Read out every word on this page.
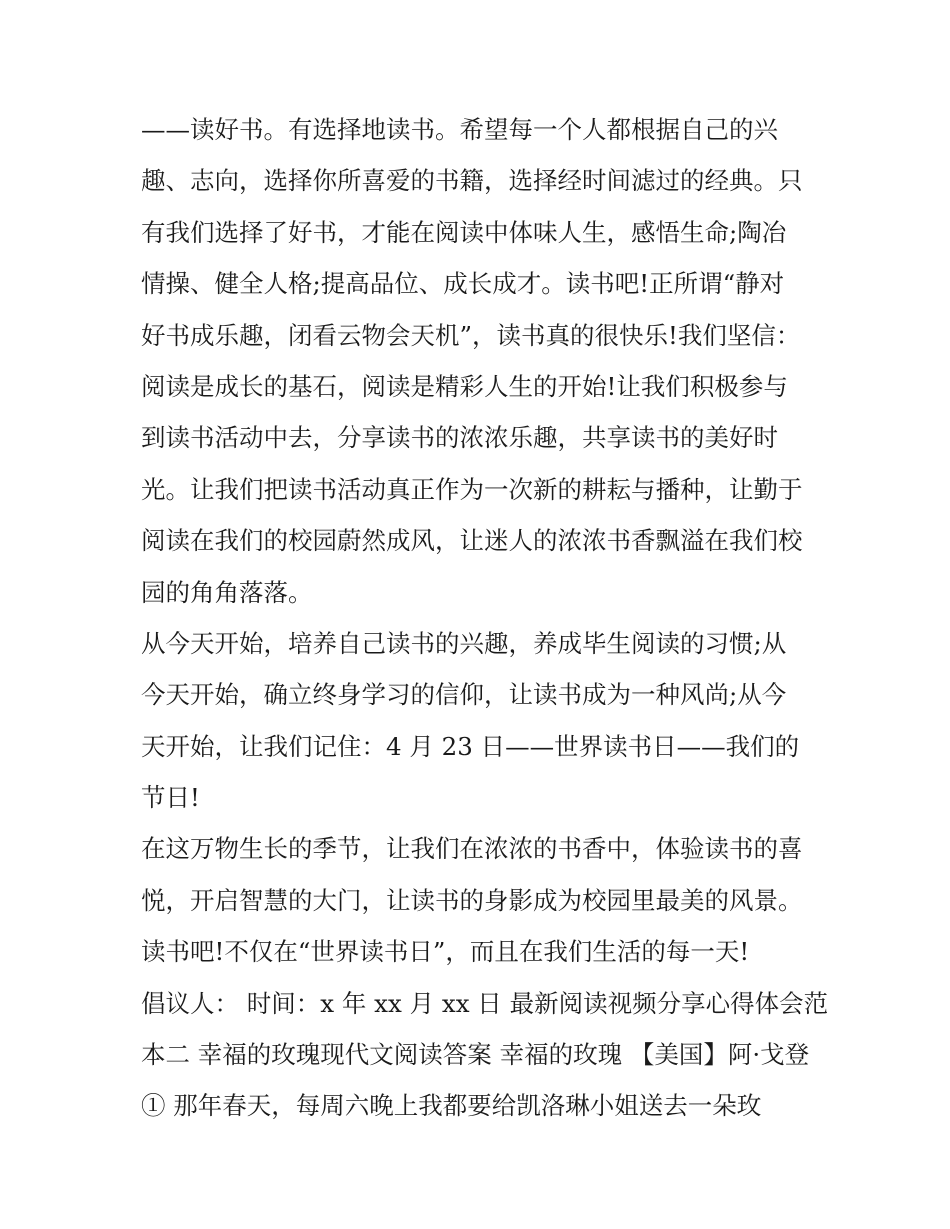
——读好书。有选择地读书。希望每一个人都根据自己的兴
趣、志向，选择你所喜爱的书籍，选择经时间滤过的经典。只
有我们选择了好书，才能在阅读中体味人生，感悟生命;陶冶
情操、健全人格;提高品位、成长成才。读书吧!正所谓“静对
好书成乐趣，闭看云物会天机”，读书真的很快乐!我们坚信：
阅读是成长的基石，阅读是精彩人生的开始!让我们积极参与
到读书活动中去，分享读书的浓浓乐趣，共享读书的美好时
光。让我们把读书活动真正作为一次新的耕耘与播种，让勤于
阅读在我们的校园蔚然成风，让迷人的浓浓书香飘溢在我们校
园的角角落落。
从今天开始，培养自己读书的兴趣，养成毕生阅读的习惯;从
今天开始，确立终身学习的信仰，让读书成为一种风尚;从今
天开始，让我们记住：4 月 23 日——世界读书日——我们的
节日!
在这万物生长的季节，让我们在浓浓的书香中，体验读书的喜
悦，开启智慧的大门，让读书的身影成为校园里最美的风景。
读书吧!不仅在“世界读书日”，而且在我们生活的每一天!
倡议人： 时间：x 年 xx 月 xx 日 最新阅读视频分享心得体会范
本二 幸福的玫瑰现代文阅读答案 幸福的玫瑰 【美国】阿·戈登
① 那年春天，每周六晚上我都要给凯洛琳小姐送去一朵玫
